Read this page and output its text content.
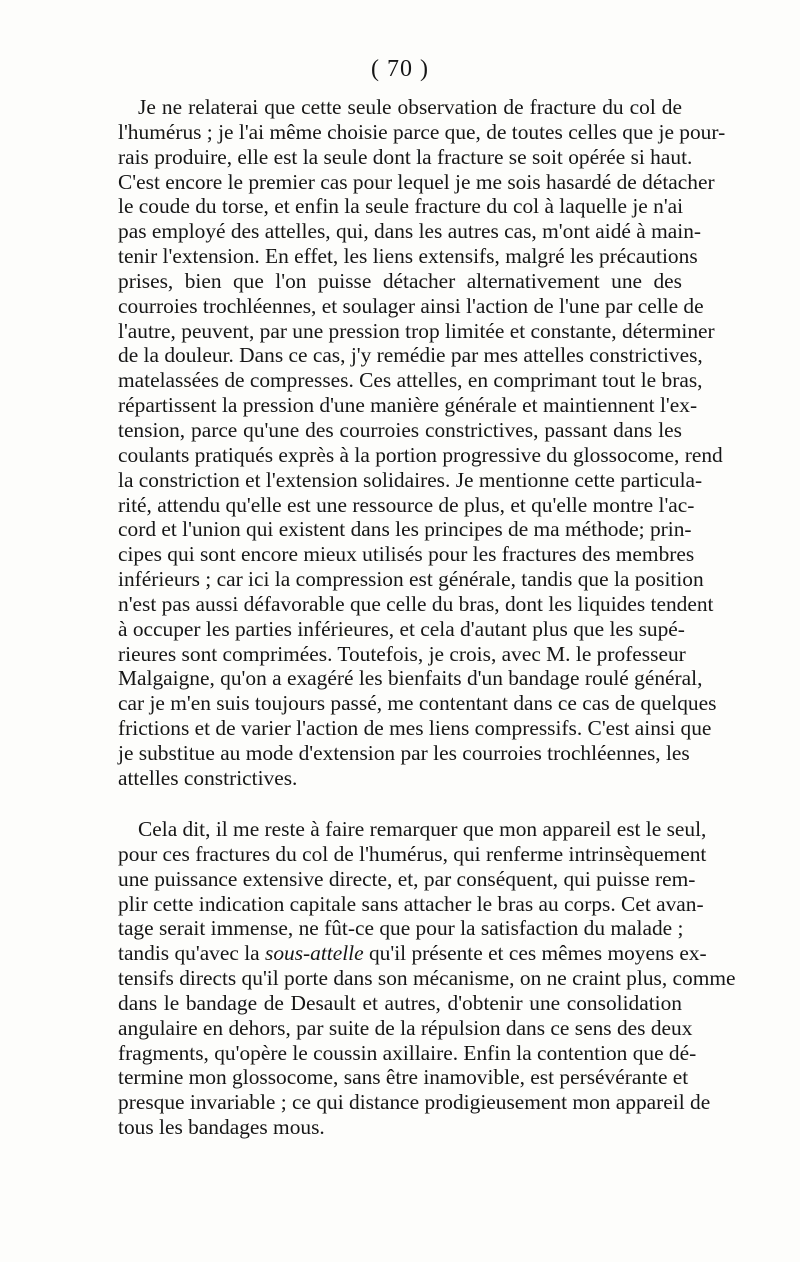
( 70 )
Je ne relaterai que cette seule observation de fracture du col de
l'humérus ; je l'ai même choisie parce que, de toutes celles que je pour-
rais produire, elle est la seule dont la fracture se soit opérée si haut.
C'est encore le premier cas pour lequel je me sois hasardé de détacher
le coude du torse, et enfin la seule fracture du col à laquelle je n'ai
pas employé des attelles, qui, dans les autres cas, m'ont aidé à main-
tenir l'extension. En effet, les liens extensifs, malgré les précautions
prises, bien que l'on puisse détacher alternativement une des
courroies trochléennes, et soulager ainsi l'action de l'une par celle de
l'autre, peuvent, par une pression trop limitée et constante, déterminer
de la douleur. Dans ce cas, j'y remédie par mes attelles constrictives,
matelassées de compresses. Ces attelles, en comprimant tout le bras,
répartissent la pression d'une manière générale et maintiennent l'ex-
tension, parce qu'une des courroies constrictives, passant dans les
coulants pratiqués exprès à la portion progressive du glossocome, rend
la constriction et l'extension solidaires. Je mentionne cette particula-
rité, attendu qu'elle est une ressource de plus, et qu'elle montre l'ac-
cord et l'union qui existent dans les principes de ma méthode; prin-
cipes qui sont encore mieux utilisés pour les fractures des membres
inférieurs ; car ici la compression est générale, tandis que la position
n'est pas aussi défavorable que celle du bras, dont les liquides tendent
à occuper les parties inférieures, et cela d'autant plus que les supé-
rieures sont comprimées. Toutefois, je crois, avec M. le professeur
Malgaigne, qu'on a exagéré les bienfaits d'un bandage roulé général,
car je m'en suis toujours passé, me contentant dans ce cas de quelques
frictions et de varier l'action de mes liens compressifs. C'est ainsi que
je substitue au mode d'extension par les courroies trochléennes, les
attelles constrictives.
Cela dit, il me reste à faire remarquer que mon appareil est le seul,
pour ces fractures du col de l'humérus, qui renferme intrinsèquement
une puissance extensive directe, et, par conséquent, qui puisse rem-
plir cette indication capitale sans attacher le bras au corps. Cet avan-
tage serait immense, ne fût-ce que pour la satisfaction du malade ;
tandis qu'avec la sous-attelle qu'il présente et ces mêmes moyens ex-
tensifs directs qu'il porte dans son mécanisme, on ne craint plus, comme
dans le bandage de Desault et autres, d'obtenir une consolidation
angulaire en dehors, par suite de la répulsion dans ce sens des deux
fragments, qu'opère le coussin axillaire. Enfin la contention que dé-
termine mon glossocome, sans être inamovible, est persévérante et
presque invariable ; ce qui distance prodigieusement mon appareil de
tous les bandages mous.
